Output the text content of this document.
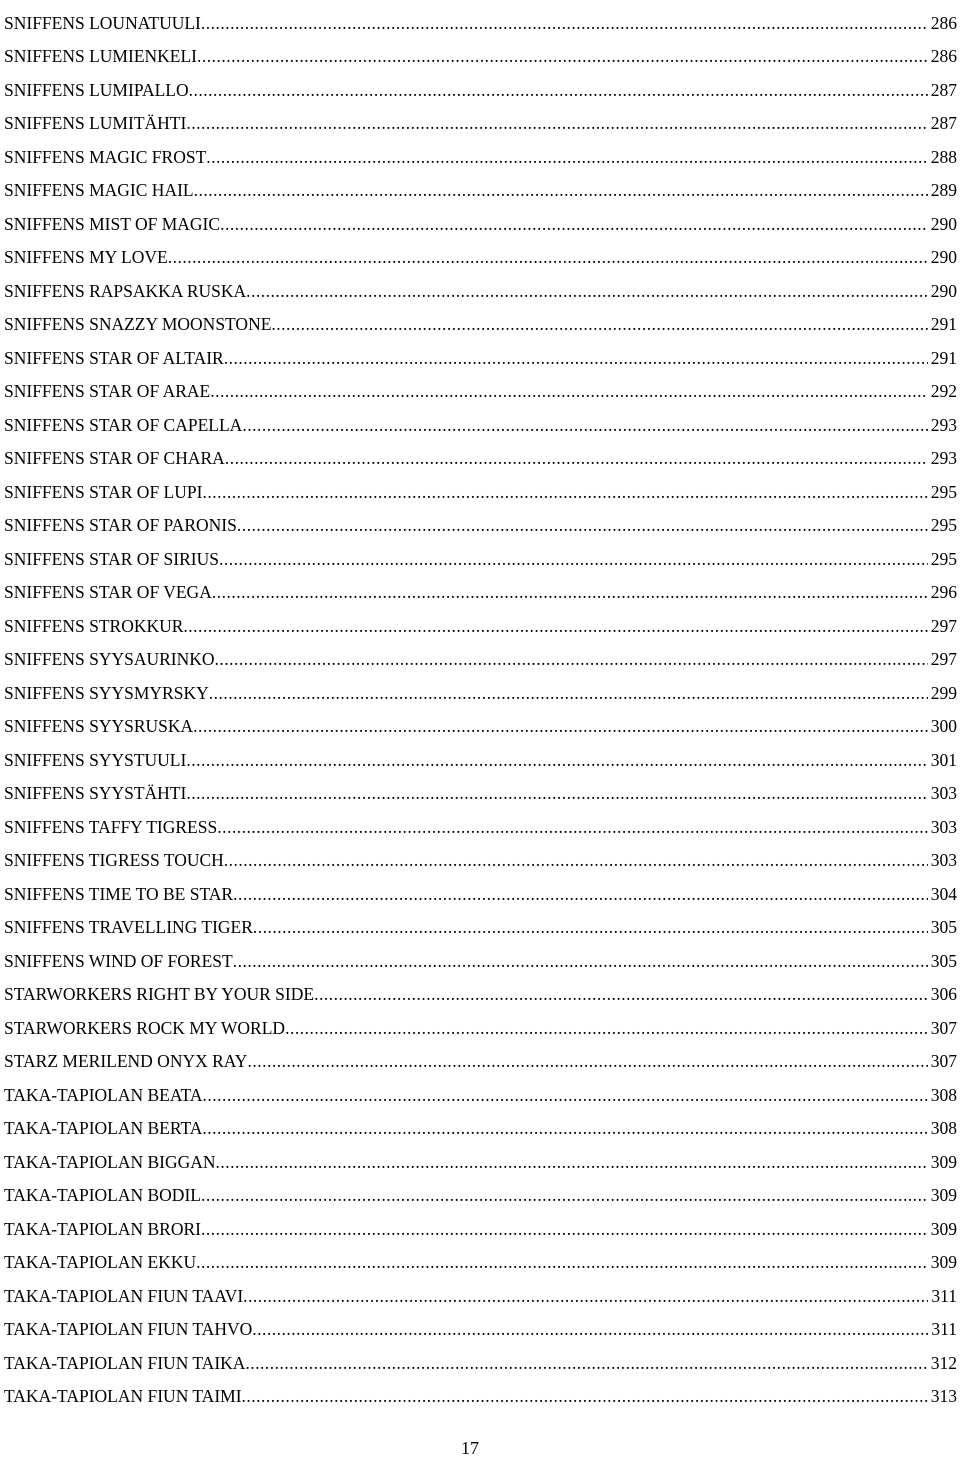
SNIFFENS LOUNATUULI .....	286
SNIFFENS LUMIENKELI .....	286
SNIFFENS LUMIPALLO .....	287
SNIFFENS LUMITÄHTI .....	287
SNIFFENS MAGIC FROST .....	288
SNIFFENS MAGIC HAIL .....	289
SNIFFENS MIST OF MAGIC .....	290
SNIFFENS MY LOVE .....	290
SNIFFENS RAPSAKKA RUSKA .....	290
SNIFFENS SNAZZY MOONSTONE .....	291
SNIFFENS STAR OF ALTAIR .....	291
SNIFFENS STAR OF ARAE .....	292
SNIFFENS STAR OF CAPELLA .....	293
SNIFFENS STAR OF CHARA .....	293
SNIFFENS STAR OF LUPI .....	295
SNIFFENS STAR OF PARONIS .....	295
SNIFFENS STAR OF SIRIUS .....	295
SNIFFENS STAR OF VEGA .....	296
SNIFFENS STROKKUR .....	297
SNIFFENS SYYSAURINKO .....	297
SNIFFENS SYYSMYRSKY .....	299
SNIFFENS SYYSRUSKA .....	300
SNIFFENS SYYSTUULI .....	301
SNIFFENS SYYSTÄHTI .....	303
SNIFFENS TAFFY TIGRESS .....	303
SNIFFENS TIGRESS TOUCH .....	303
SNIFFENS TIME TO BE STAR .....	304
SNIFFENS TRAVELLING TIGER .....	305
SNIFFENS WIND OF FOREST .....	305
STARWORKERS RIGHT BY YOUR SIDE .....	306
STARWORKERS ROCK MY WORLD .....	307
STARZ MERILEND ONYX RAY .....	307
TAKA-TAPIOLAN BEATA .....	308
TAKA-TAPIOLAN BERTA .....	308
TAKA-TAPIOLAN BIGGAN .....	309
TAKA-TAPIOLAN BODIL .....	309
TAKA-TAPIOLAN BRORI .....	309
TAKA-TAPIOLAN EKKU .....	309
TAKA-TAPIOLAN FIUN TAAVI .....	311
TAKA-TAPIOLAN FIUN TAHVO .....	311
TAKA-TAPIOLAN FIUN TAIKA .....	312
TAKA-TAPIOLAN FIUN TAIMI .....	313
17
